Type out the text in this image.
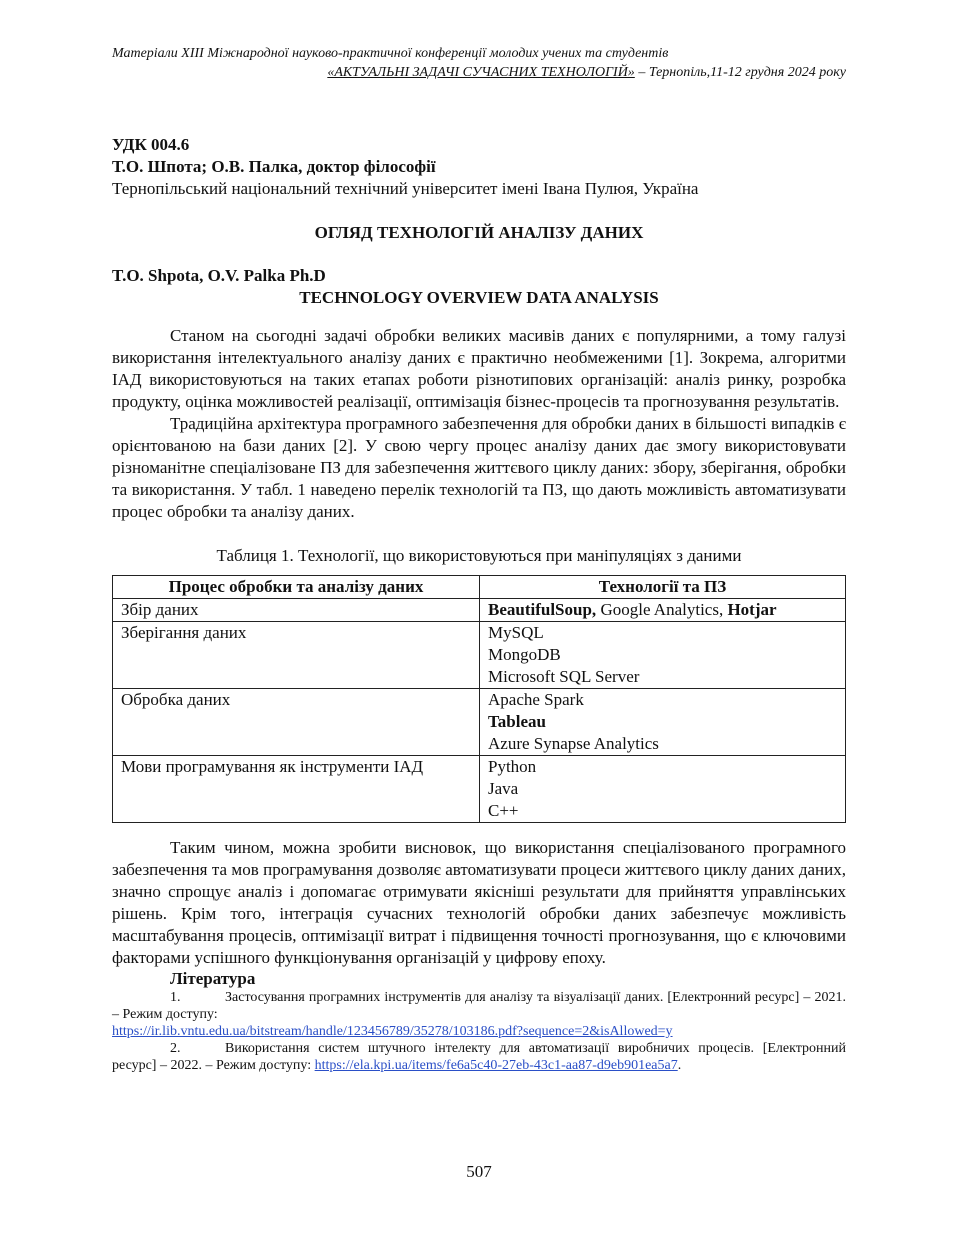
Матеріали XIII Міжнародної науково-практичної конференції молодих учених та студентів
«АКТУАЛЬНІ ЗАДАЧІ СУЧАСНИХ ТЕХНОЛОГІЙ» – Тернопіль,11-12 грудня 2024 року
УДК 004.6
Т.О. Шпота; О.В. Палка, доктор філософії
Тернопільський національний технічний університет імені Івана Пулюя, Україна
ОГЛЯД ТЕХНОЛОГІЙ АНАЛІЗУ ДАНИХ
T.O. Shpota, O.V. Palka Ph.D
TECHNOLOGY OVERVIEW DATA ANALYSIS

Станом на сьогодні задачі обробки великих масивів даних є популярними, а тому галузі використання інтелектуального аналізу даних є практично необмеженими [1]. Зокрема, алгоритми ІАД використовуються на таких етапах роботи різнотипових організацій: аналіз ринку, розробка продукту, оцінка можливостей реалізації, оптимізація бізнес-процесів та прогнозування результатів.

Традиційна архітектура програмного забезпечення для обробки даних в більшості випадків є орієнтованою на бази даних [2]. У свою чергу процес аналізу даних дає змогу використовувати різноманітне спеціалізоване ПЗ для забезпечення життєвого циклу даних: збору, зберігання, обробки та використання. У табл. 1 наведено перелік технологій та ПЗ, що дають можливість автоматизувати процес обробки та аналізу даних.

Таблиця 1. Технології, що використовуються при маніпуляціях з даними
Процес обробки та аналізу даних	Технології та ПЗ
Збір даних	BeautifulSoup, Google Analytics, Hotjar
Зберігання даних	MySQL
MongoDB
Microsoft SQL Server

Обробка даних	Apache Spark
Tableau
Azure Synapse Analytics

Мови програмування як інструменти ІАД	Python
Java
C++

Таким чином, можна зробити висновок, що використання спеціалізованого програмного забезпечення та мов програмування дозволяє автоматизувати процеси життєвого циклу даних даних, значно спрощує аналіз і допомагає отримувати якісніші результати для прийняття управлінських рішень. Крім того, інтеграція сучасних технологій обробки даних забезпечує можливість масштабування процесів, оптимізації витрат і підвищення точності прогнозування, що є ключовими факторами успішного функціонування організацій у цифрову епоху.

Література
1.	Застосування програмних інструментів для аналізу та візуалізації даних. [Електронний ресурс] – 2021. – Режим доступу:
https://ir.lib.vntu.edu.ua/bitstream/handle/123456789/35278/103186.pdf?sequence=2&isAllowed=y
2.	Використання систем штучного інтелекту для автоматизації виробничих процесів. [Електронний ресурс] – 2022. – Режим доступу: https://ela.kpi.ua/items/fe6a5c40-27eb-43c1-aa87-d9eb901ea5a7.
507
